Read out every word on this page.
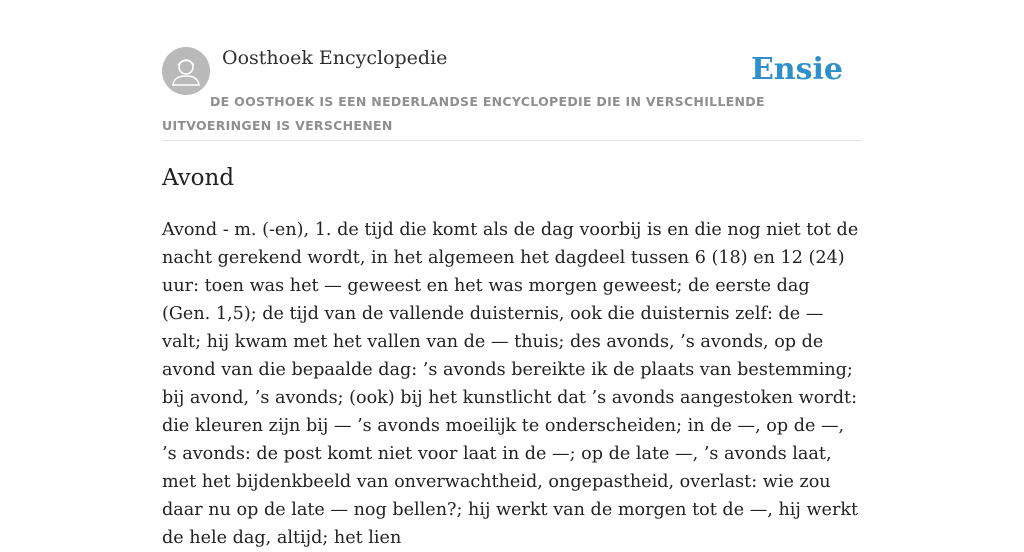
Oosthoek Encyclopedie	Ensie
DE OOSTHOEK IS EEN NEDERLANDSE ENCYCLOPEDIE DIE IN VERSCHILLENDE UITVOERINGEN IS VERSCHENEN
Avond

Avond - m. (-en), 1. de tijd die komt als de dag voorbij is en die nog niet tot de nacht gerekend wordt, in het algemeen het dagdeel tussen 6 (18) en 12 (24) uur: toen was het — geweest en het was morgen geweest; de eerste dag (Gen. 1,5); de tijd van de vallende duisternis, ook die duisternis zelf: de — valt; hij kwam met het vallen van de — thuis; des avonds, ’s avonds, op de avond van die bepaalde dag: ’s avonds bereikte ik de plaats van bestemming; bij avond, ’s avonds; (ook) bij het kunstlicht dat ’s avonds aangestoken wordt: die kleuren zijn bij — ’s avonds moeilijk te onderscheiden; in de —, op de —, ’s avonds: de post komt niet voor laat in de —; op de late —, ’s avonds laat, met het bijdenkbeeld van onverwachtheid, ongepastheid, overlast: wie zou daar nu op de late — nog bellen?; hij werkt van de morgen tot de —, hij werkt de hele dag, altijd; het lien
